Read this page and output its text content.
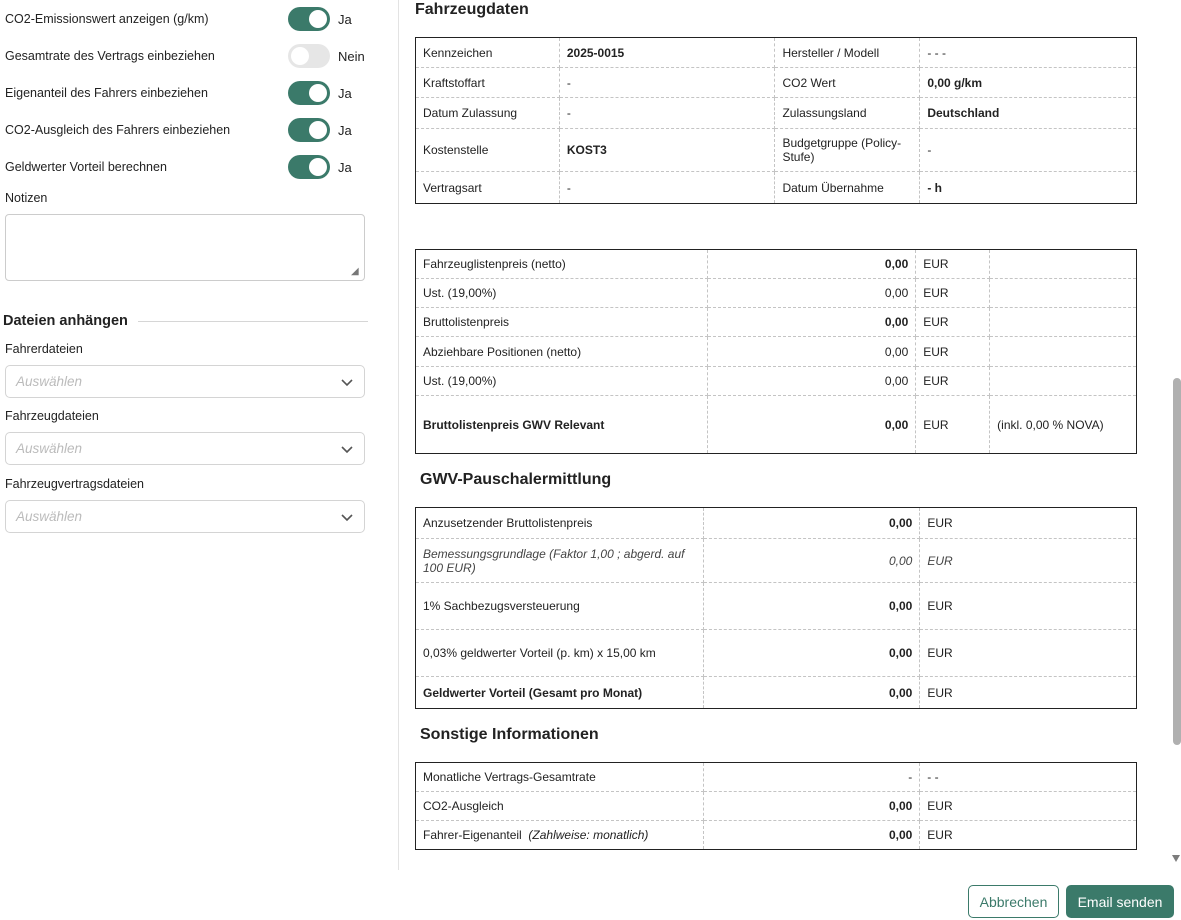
CO2-Emissionswert anzeigen (g/km)	Ja
Gesamtrate des Vertrags einbeziehen	Nein
Eigenanteil des Fahrers einbeziehen	Ja
CO2-Ausgleich des Fahrers einbeziehen	Ja
Geldwerter Vorteil berechnen	Ja
Notizen
◢
Dateien anhängen
Fahrerdateien
Auswählen
Fahrzeugdateien
Auswählen
Fahrzeugvertragsdateien
Auswählen
Fahrzeugdaten
Kennzeichen	2025-0015	Hersteller / Modell	- - -
Kraftstoffart	-	CO2 Wert	0,00 g/km
Datum Zulassung	-	Zulassungsland	Deutschland
Kostenstelle	KOST3	Budgetgruppe (Policy-Stufe)	-
Vertragsart	-	Datum Übernahme	- h
Fahrzeuglistenpreis (netto)	0,00	EUR	
Ust. (19,00%)	0,00	EUR	
Bruttolistenpreis	0,00	EUR	
Abziehbare Positionen (netto)	0,00	EUR	
Ust. (19,00%)	0,00	EUR	
Bruttolistenpreis GWV Relevant	0,00	EUR	(inkl. 0,00 % NOVA)
GWV-Pauschalermittlung
Anzusetzender Bruttolistenpreis	0,00	EUR
Bemessungsgrundlage (Faktor 1,00 ; abgerd. auf 100 EUR)	0,00	EUR
1% Sachbezugsversteuerung	0,00	EUR
0,03% geldwerter Vorteil (p. km) x 15,00 km	0,00	EUR
Geldwerter Vorteil (Gesamt pro Monat)	0,00	EUR
Sonstige Informationen
Monatliche Vertrags-Gesamtrate	-	- -
CO2-Ausgleich	0,00	EUR
Fahrer-Eigenanteil (Zahlweise: monatlich)	0,00	EUR
Abbrechen	Email senden
